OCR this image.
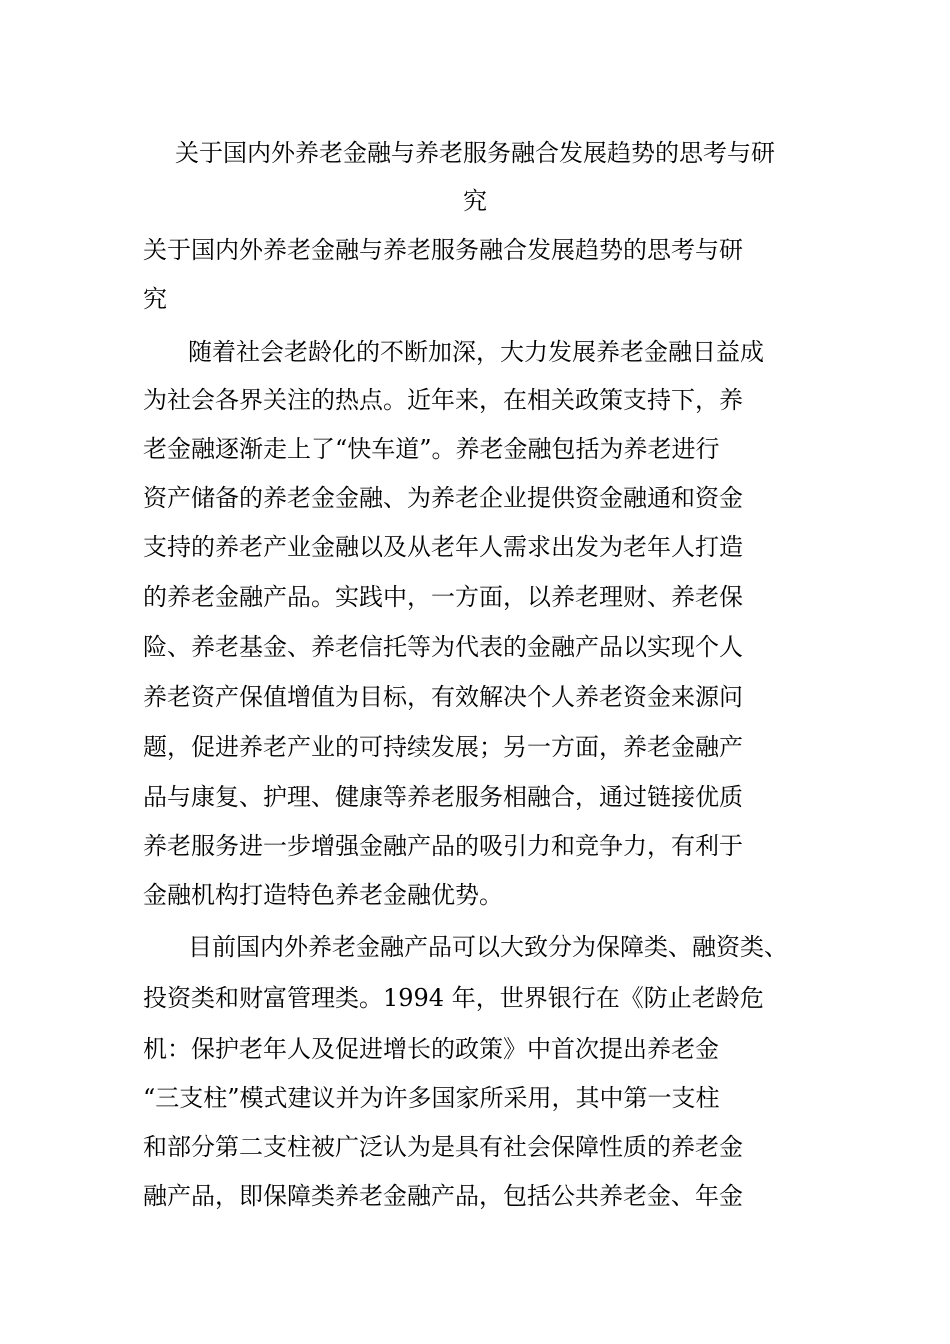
关于国内外养老金融与养老服务融合发展趋势的思考与研

究

关于国内外养老金融与养老服务融合发展趋势的思考与研

究

随着社会老龄化的不断加深，大力发展养老金融日益成

为社会各界关注的热点。近年来，在相关政策支持下，养

老金融逐渐走上了“快车道”。养老金融包括为养老进行

资产储备的养老金金融、为养老企业提供资金融通和资金

支持的养老产业金融以及从老年人需求出发为老年人打造

的养老金融产品。实践中，一方面，以养老理财、养老保

险、养老基金、养老信托等为代表的金融产品以实现个人

养老资产保值增值为目标，有效解决个人养老资金来源问

题，促进养老产业的可持续发展；另一方面，养老金融产

品与康复、护理、健康等养老服务相融合，通过链接优质

养老服务进一步增强金融产品的吸引力和竞争力，有利于

金融机构打造特色养老金融优势。

目前国内外养老金融产品可以大致分为保障类、融资类、

投资类和财富管理类。1994 年，世界银行在《防止老龄危

机：保护老年人及促进增长的政策》中首次提出养老金

“三支柱”模式建议并为许多国家所采用，其中第一支柱

和部分第二支柱被广泛认为是具有社会保障性质的养老金

融产品，即保障类养老金融产品，包括公共养老金、年金
